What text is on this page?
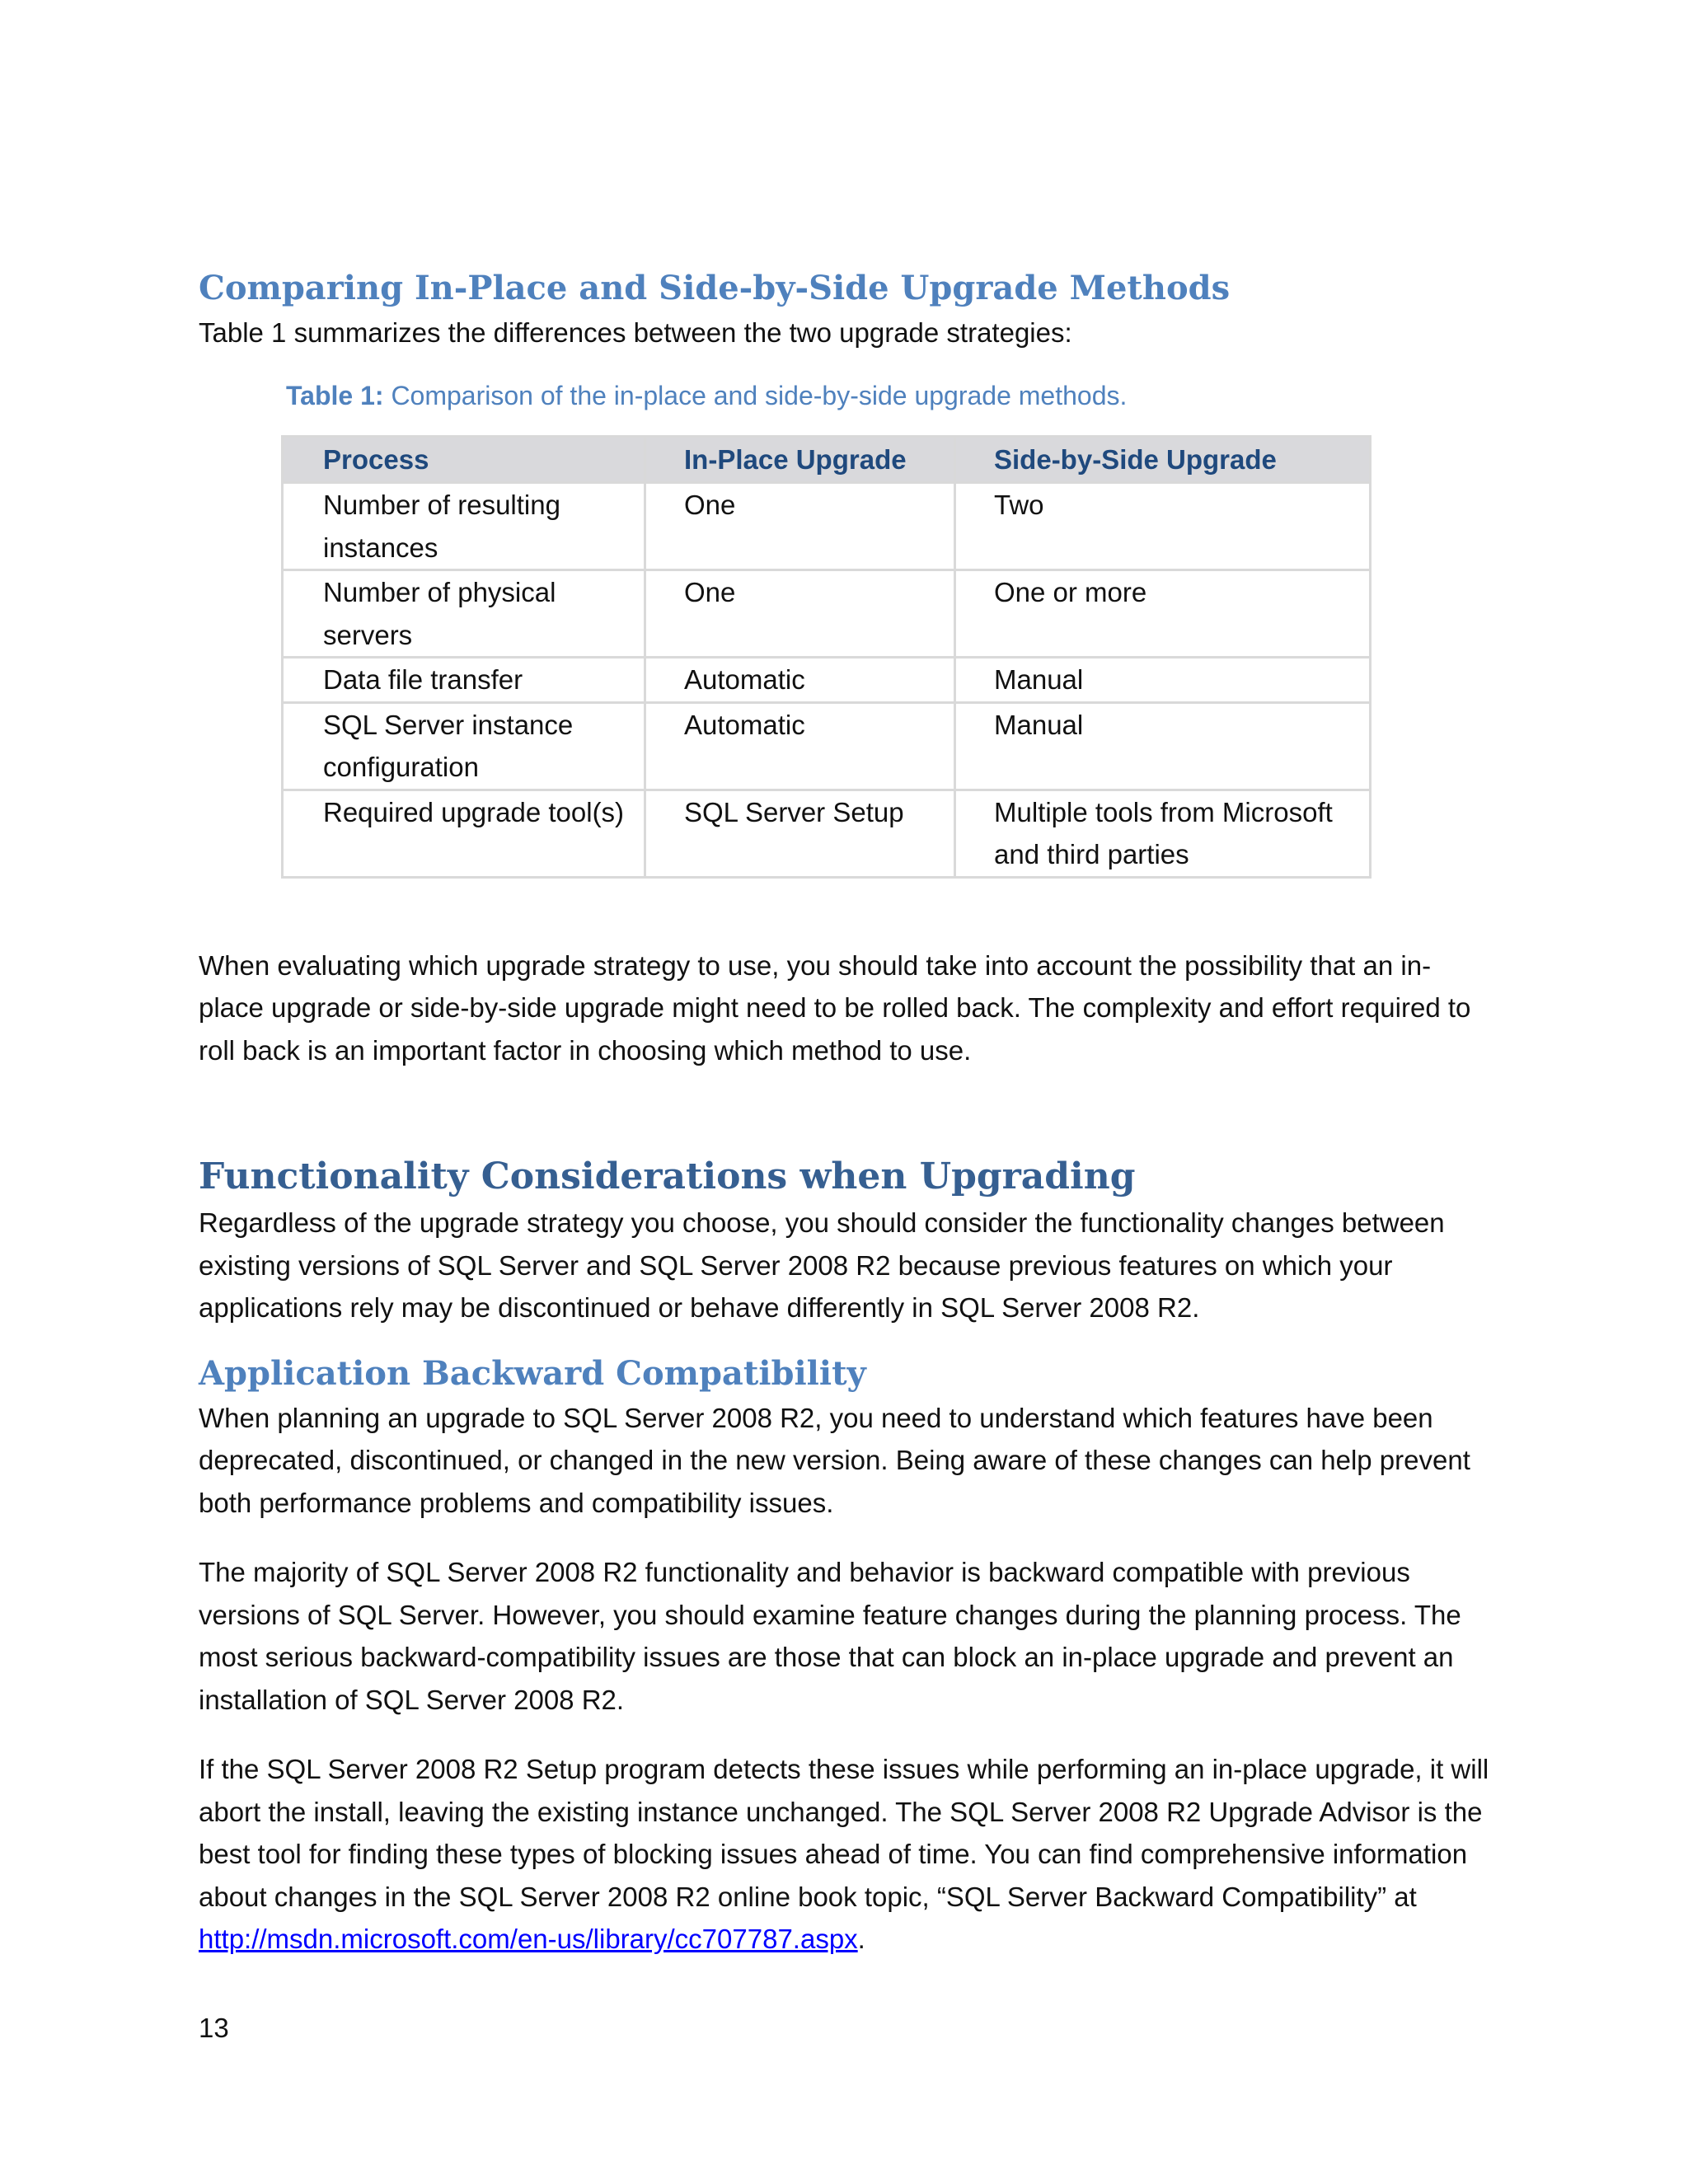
Comparing In-Place and Side-by-Side Upgrade Methods

Table 1 summarizes the differences between the two upgrade strategies:

Table 1: Comparison of the in-place and side-by-side upgrade methods.
Process	In-Place Upgrade	Side-by-Side Upgrade
Number of resulting instances	One	Two
Number of physical servers	One	One or more
Data file transfer	Automatic	Manual
SQL Server instance configuration	Automatic	Manual
Required upgrade tool(s)	SQL Server Setup	Multiple tools from Microsoft and third parties

When evaluating which upgrade strategy to use, you should take into account the possibility that an in-place upgrade or side-by-side upgrade might need to be rolled back. The complexity and effort required to roll back is an important factor in choosing which method to use.

Functionality Considerations when Upgrading

Regardless of the upgrade strategy you choose, you should consider the functionality changes between existing versions of SQL Server and SQL Server 2008 R2 because previous features on which your applications rely may be discontinued or behave differently in SQL Server 2008 R2.

Application Backward Compatibility

When planning an upgrade to SQL Server 2008 R2, you need to understand which features have been deprecated, discontinued, or changed in the new version. Being aware of these changes can help prevent both performance problems and compatibility issues.

The majority of SQL Server 2008 R2 functionality and behavior is backward compatible with previous versions of SQL Server. However, you should examine feature changes during the planning process. The most serious backward-compatibility issues are those that can block an in-place upgrade and prevent an installation of SQL Server 2008 R2.

If the SQL Server 2008 R2 Setup program detects these issues while performing an in-place upgrade, it will abort the install, leaving the existing instance unchanged. The SQL Server 2008 R2 Upgrade Advisor is the best tool for finding these types of blocking issues ahead of time. You can find comprehensive information about changes in the SQL Server 2008 R2 online book topic, “SQL Server Backward Compatibility” at http://msdn.microsoft.com/en-us/library/cc707787.aspx.

13
